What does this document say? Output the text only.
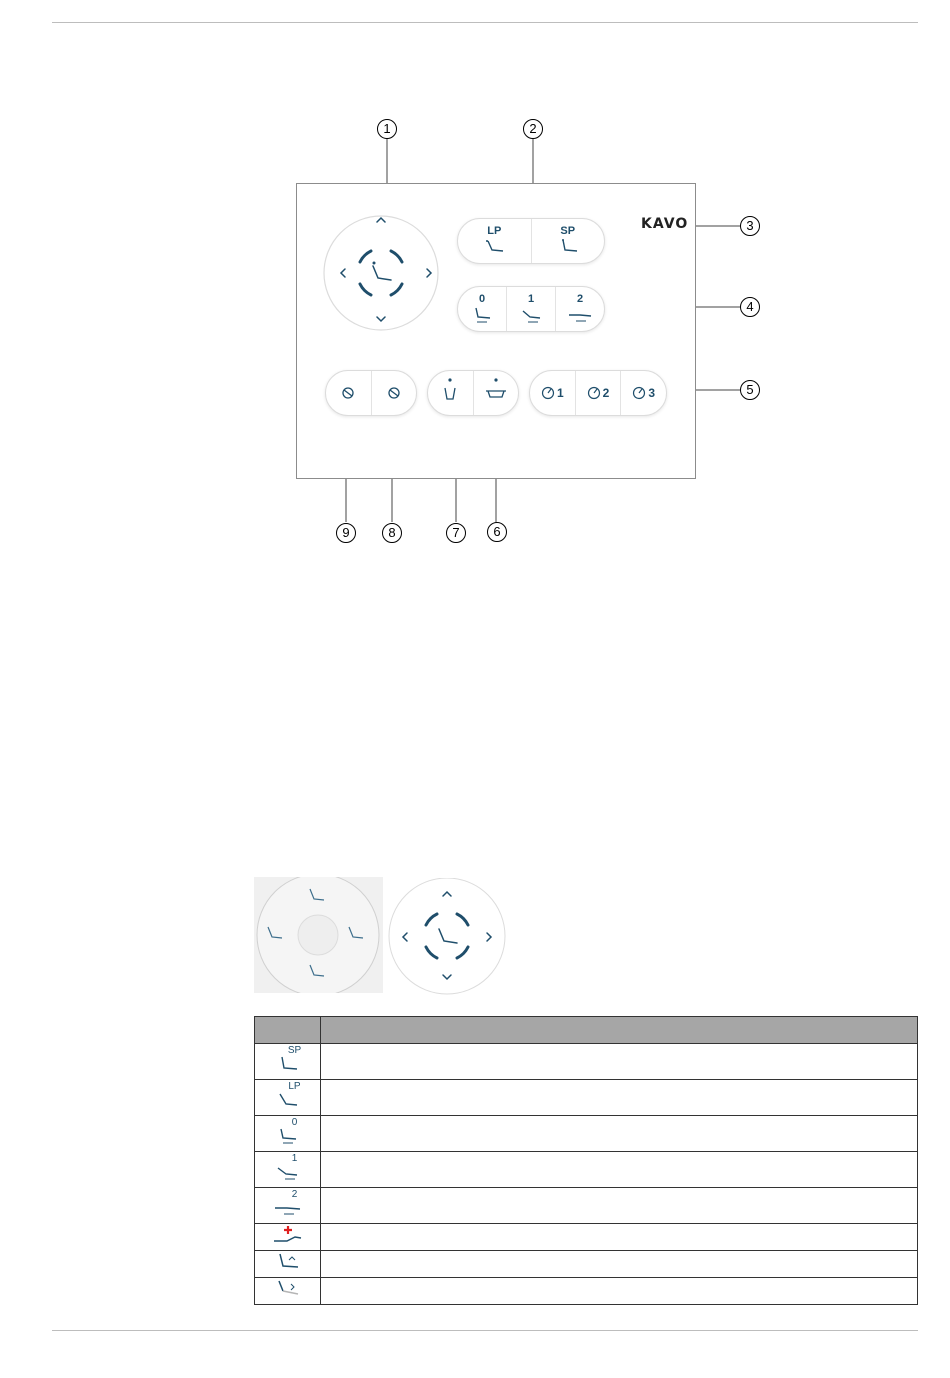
LP	SP	KAVO
0	1	2
1	2	3
1	2
3
4
5
6
7
8
9

SP	

LP	

0	

1	

2	
